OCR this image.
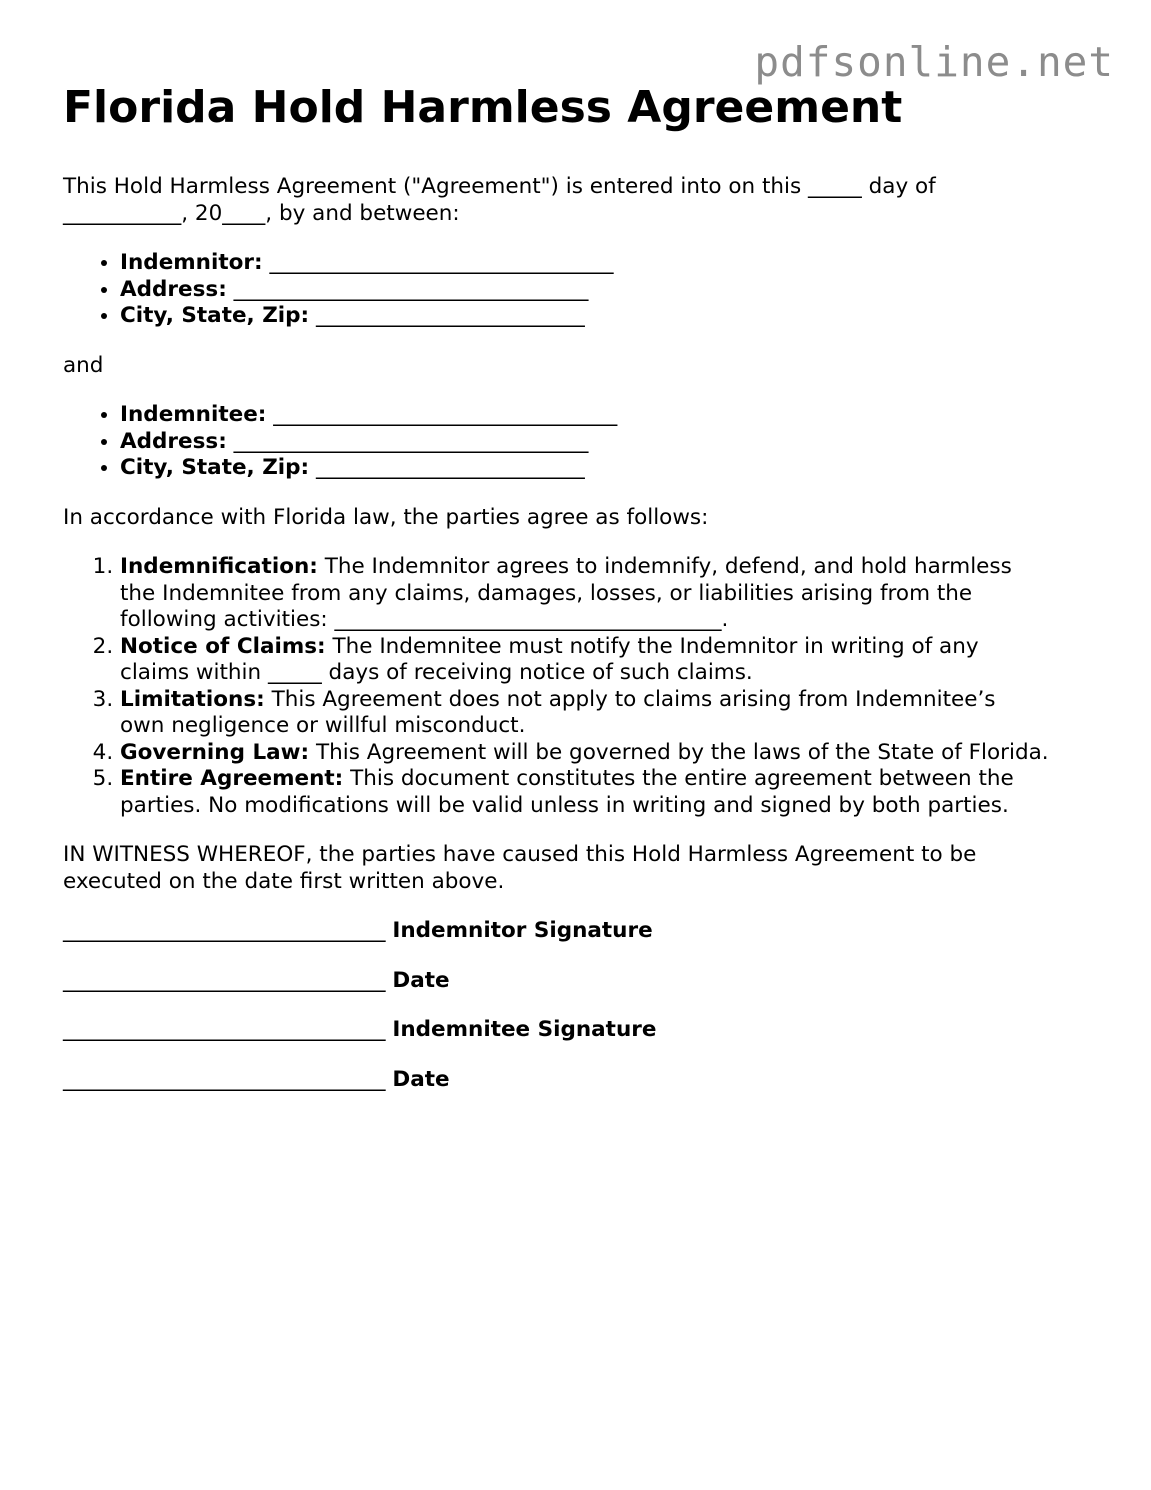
pdfsonline.net
Florida Hold Harmless Agreement

This Hold Harmless Agreement ("Agreement") is entered into on this _____ day of
___________, 20____, by and between:

• Indemnitor: ________________________________
• Address: _________________________________
• City, State, Zip: _________________________

and

• Indemnitee: ________________________________
• Address: _________________________________
• City, State, Zip: _________________________

In accordance with Florida law, the parties agree as follows:

1. Indemnification: The Indemnitor agrees to indemnify, defend, and hold harmless
the Indemnitee from any claims, damages, losses, or liabilities arising from the
following activities: ____________________________________.
2. Notice of Claims: The Indemnitee must notify the Indemnitor in writing of any
claims within _____ days of receiving notice of such claims.
3. Limitations: This Agreement does not apply to claims arising from Indemnitee’s
own negligence or willful misconduct.
4. Governing Law: This Agreement will be governed by the laws of the State of Florida.
5. Entire Agreement: This document constitutes the entire agreement between the
parties. No modifications will be valid unless in writing and signed by both parties.

IN WITNESS WHEREOF, the parties have caused this Hold Harmless Agreement to be
executed on the date first written above.

______________________________ Indemnitor Signature

______________________________ Date

______________________________ Indemnitee Signature

______________________________ Date
